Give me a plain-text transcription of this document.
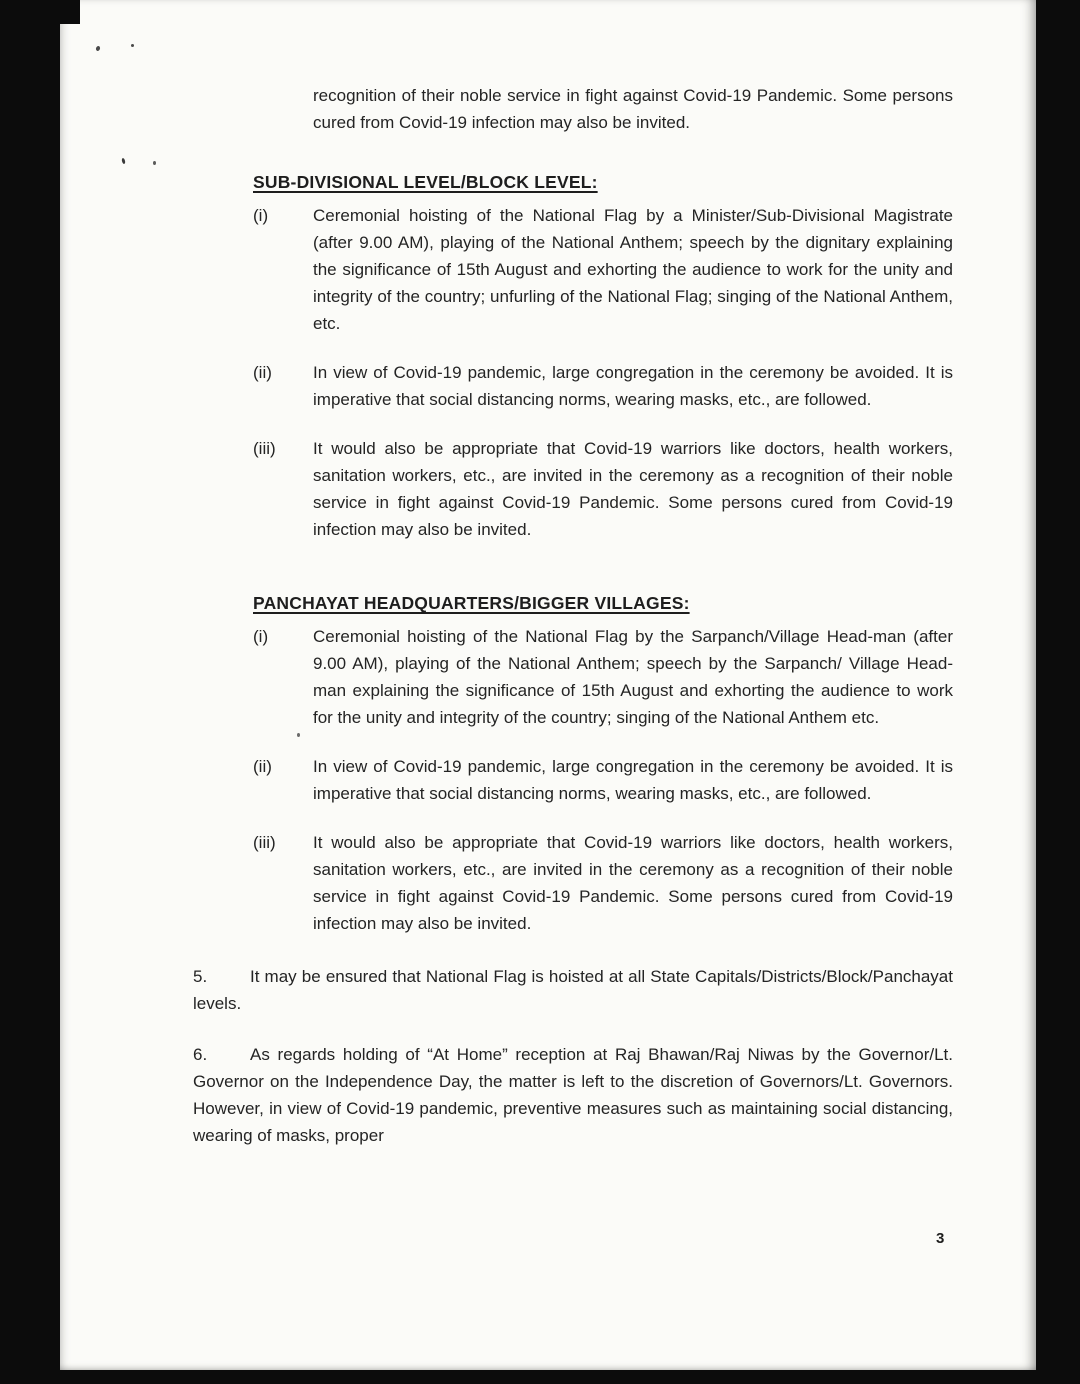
recognition of their noble service in fight against Covid-19 Pandemic. Some persons cured from Covid-19 infection may also be invited.

SUB-DIVISIONAL LEVEL/BLOCK LEVEL:
(i)	Ceremonial hoisting of the National Flag by a Minister/Sub-Divisional Magistrate (after 9.00 AM), playing of the National Anthem; speech by the dignitary explaining the significance of 15th August and exhorting the audience to work for the unity and integrity of the country; unfurling of the National Flag; singing of the National Anthem, etc.

(ii)	In view of Covid-19 pandemic, large congregation in the ceremony be avoided. It is imperative that social distancing norms, wearing masks, etc., are followed.

(iii)	It would also be appropriate that Covid-19 warriors like doctors, health workers, sanitation workers, etc., are invited in the ceremony as a recognition of their noble service in fight against Covid-19 Pandemic. Some persons cured from Covid-19 infection may also be invited.

PANCHAYAT HEADQUARTERS/BIGGER VILLAGES:
(i)	Ceremonial hoisting of the National Flag by the Sarpanch/Village Head-man (after 9.00 AM), playing of the National Anthem; speech by the Sarpanch/ Village Head-man explaining the significance of 15th August and exhorting the audience to work for the unity and integrity of the country; singing of the National Anthem etc.

(ii)	In view of Covid-19 pandemic, large congregation in the ceremony be avoided. It is imperative that social distancing norms, wearing masks, etc., are followed.

(iii)	It would also be appropriate that Covid-19 warriors like doctors, health workers, sanitation workers, etc., are invited in the ceremony as a recognition of their noble service in fight against Covid-19 Pandemic. Some persons cured from Covid-19 infection may also be invited.

5.	It may be ensured that National Flag is hoisted at all State Capitals/Districts/Block/Panchayat levels.

6.	As regards holding of “At Home” reception at Raj Bhawan/Raj Niwas by the Governor/Lt. Governor on the Independence Day, the matter is left to the discretion of Governors/Lt. Governors. However, in view of Covid-19 pandemic, preventive measures such as maintaining social distancing, wearing of masks, proper

3
